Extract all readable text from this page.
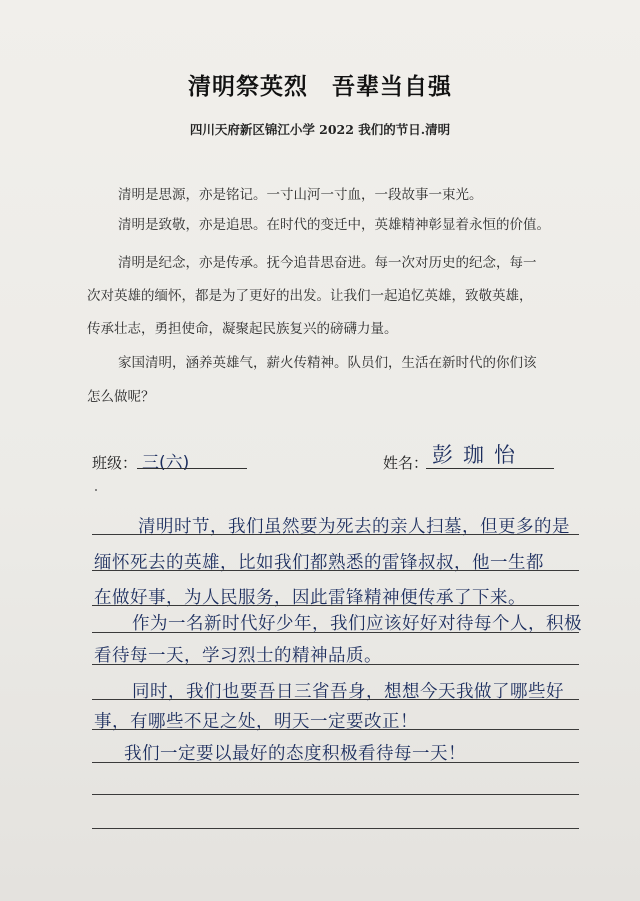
清明祭英烈　吾辈当自强
四川天府新区锦江小学 2022 我们的节日.清明
清明是思源，亦是铭记。一寸山河一寸血，一段故事一束光。
清明是致敬，亦是追思。在时代的变迁中，英雄精神彰显着永恒的价值。
清明是纪念，亦是传承。抚今追昔思奋进。每一次对历史的纪念，每一
次对英雄的缅怀，都是为了更好的出发。让我们一起追忆英雄，致敬英雄，
传承壮志，勇担使命，凝聚起民族复兴的磅礴力量。
家国清明，涵养英雄气，薪火传精神。队员们，生活在新时代的你们该
怎么做呢？
班级： 三(六)	姓名： 彭珈怡
清明时节，我们虽然要为死去的亲人扫墓，但更多的是
缅怀死去的英雄，比如我们都熟悉的雷锋叔叔，他一生都
在做好事，为人民服务，因此雷锋精神便传承了下来。
作为一名新时代好少年，我们应该好好对待每个人，积极
看待每一天，学习烈士的精神品质。
同时，我们也要吾日三省吾身，想想今天我做了哪些好
事，有哪些不足之处，明天一定要改正！
我们一定要以最好的态度积极看待每一天！
